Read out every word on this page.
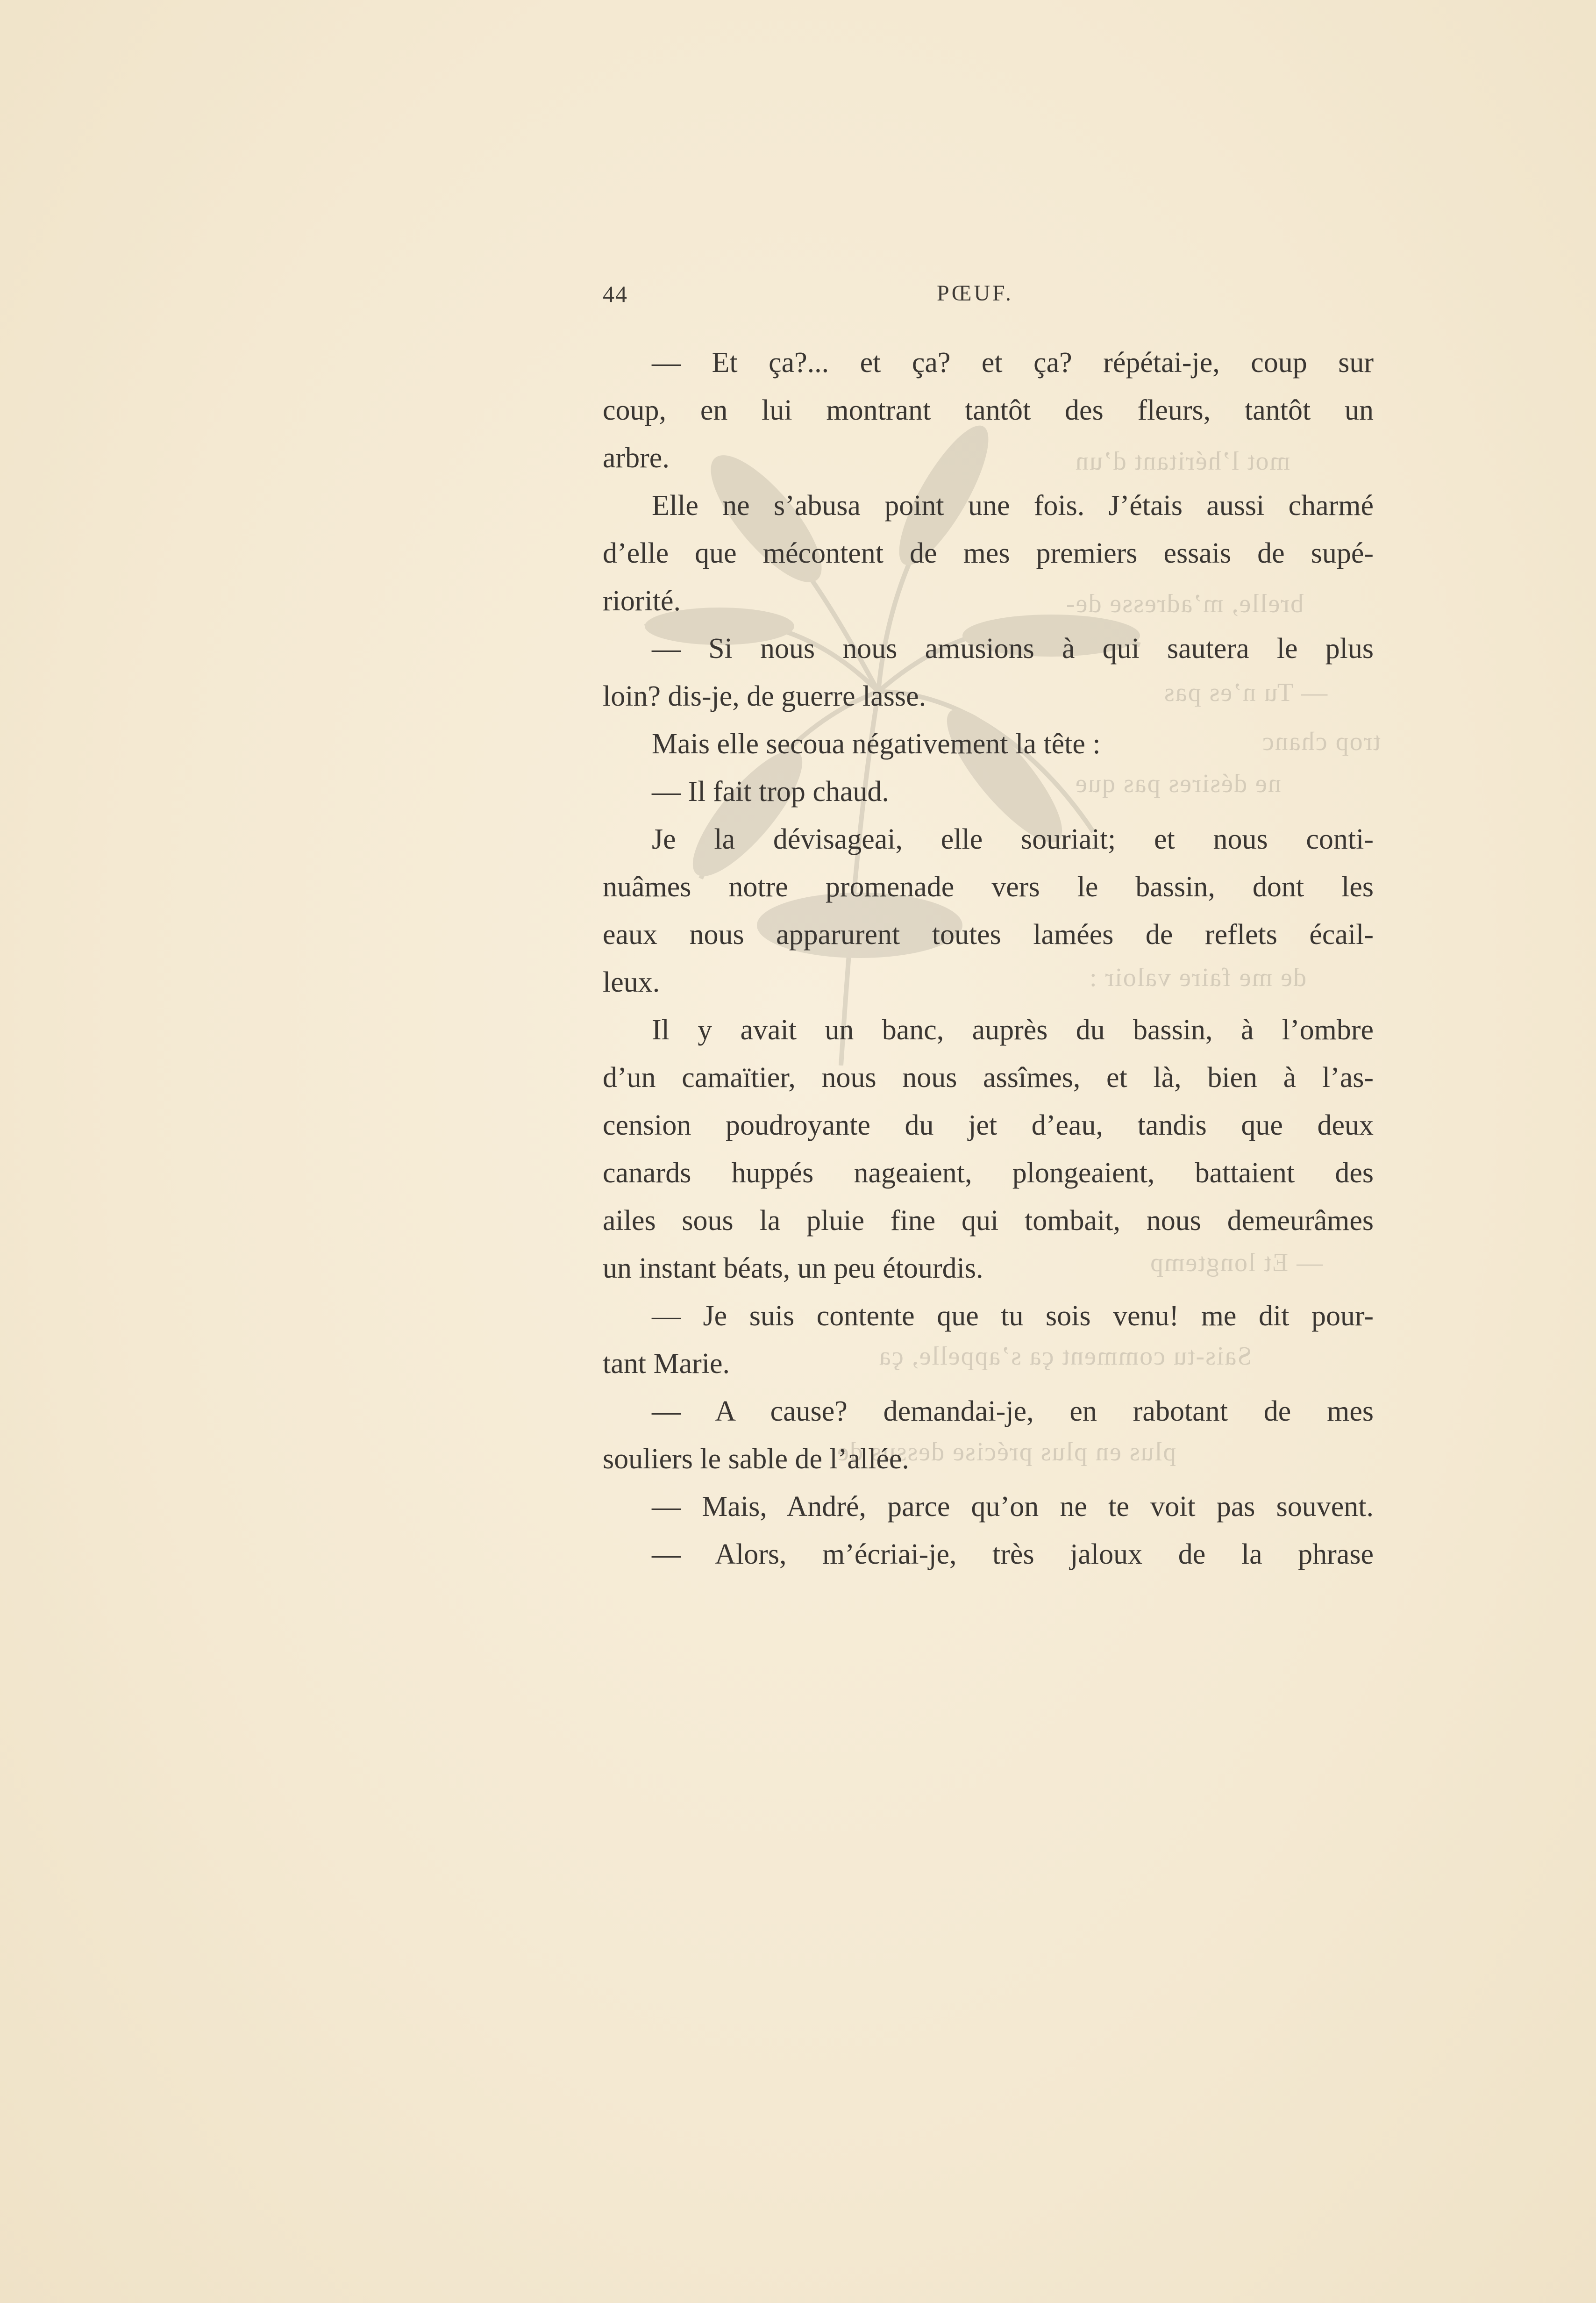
mot l’héritant d’un
brelle, m’adresse de-
— Tu n’es pas
trop chanc
ne désires pas que
de me faire valoir :
— Et longtemp
Sais-tu comment ça s’appelle, ça
plus en plus précise dessus de
44	PŒUF.
— Et ça?... et ça? et ça? répétai-je, coup sur
coup, en lui montrant tantôt des fleurs, tantôt un
arbre.
Elle ne s’abusa point une fois. J’étais aussi charmé
d’elle que mécontent de mes premiers essais de supé-
riorité.
— Si nous nous amusions à qui sautera le plus
loin? dis-je, de guerre lasse.
Mais elle secoua négativement la tête :
— Il fait trop chaud.
Je la dévisageai, elle souriait; et nous conti-
nuâmes notre promenade vers le bassin, dont les
eaux nous apparurent toutes lamées de reflets écail-
leux.
Il y avait un banc, auprès du bassin, à l’ombre
d’un camaïtier, nous nous assîmes, et là, bien à l’as-
cension poudroyante du jet d’eau, tandis que deux
canards huppés nageaient, plongeaient, battaient des
ailes sous la pluie fine qui tombait, nous demeurâmes
un instant béats, un peu étourdis.
— Je suis contente que tu sois venu! me dit pour-
tant Marie.
— A cause? demandai-je, en rabotant de mes
souliers le sable de l’allée.
— Mais, André, parce qu’on ne te voit pas souvent.
— Alors, m’écriai-je, très jaloux de la phrase
